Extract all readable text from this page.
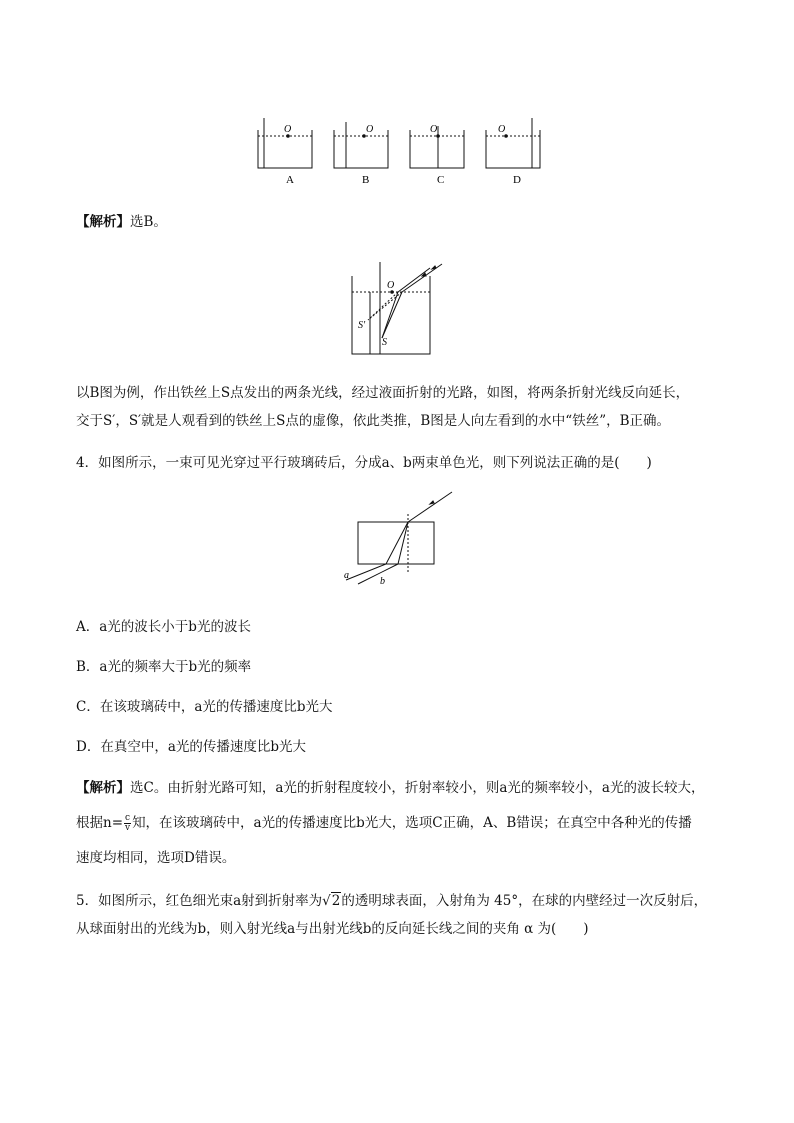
O	O	O	O
A	B	C	D
【解析】选B。
O
S'
S
以B图为例，作出铁丝上S点发出的两条光线，经过液面折射的光路，如图，将两条折射光线反向延长，
交于S′，S′就是人观看到的铁丝上S点的虚像，依此类推，B图是人向左看到的水中“铁丝”，B正确。
4．如图所示，一束可见光穿过平行玻璃砖后，分成a、b两束单色光，则下列说法正确的是(　　)
a
b
A．a光的波长小于b光的波长
B．a光的频率大于b光的频率
C．在该玻璃砖中，a光的传播速度比b光大
D．在真空中，a光的传播速度比b光大
【解析】选C。由折射光路可知，a光的折射程度较小，折射率较小，则a光的频率较小，a光的波长较大，
根据$n= \frac{c}{v}$ 知，在该玻璃砖中，a光的传播速度比b光大，选项C正确，A、B错误；在真空中各种光的传播
速度均相同，选项D错误。
5．如图所示，红色细光束a射到折射率为√2的透明球表面，入射角为 45°，在球的内壁经过一次反射后，
从球面射出的光线为b，则入射光线a与出射光线b的反向延长线之间的夹角 α 为(　　)
